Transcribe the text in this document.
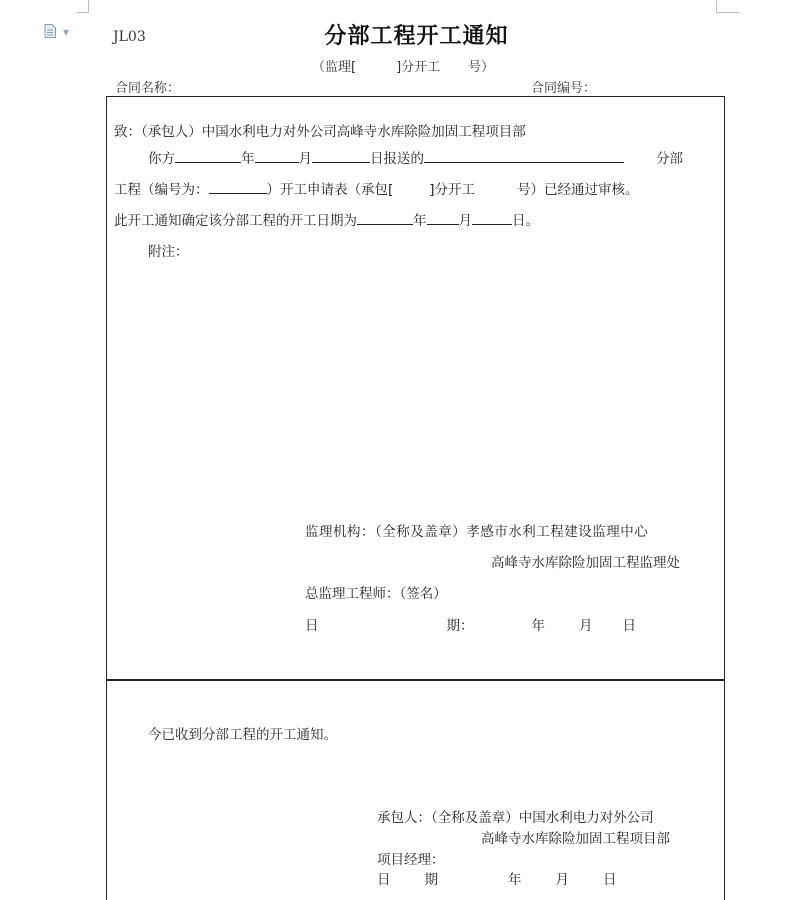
▼	JL03	分部工程开工通知
（监理[	]分开工 号）
合同名称：	合同编号：
致：（承包人）中国水利电力对外公司高峰寺水库除险加固工程项目部
你方	年	月	日报送的	分部
工程（编号为：	）开工申请表（承包[	]分开工	号）已经通过审核。
此开工通知确定该分部工程的开工日期为	年 月	日。
附注：
监理机构：（全称及盖章）孝感市水利工程建设监理中心
高峰寺水库除险加固工程监理处
总监理工程师：（签名）
日	期：	年	月 日
今已收到分部工程的开工通知。
承包人：（全称及盖章）中国水利电力对外公司
高峰寺水库除险加固工程项目部
项目经理：
日	期	年	月	日
